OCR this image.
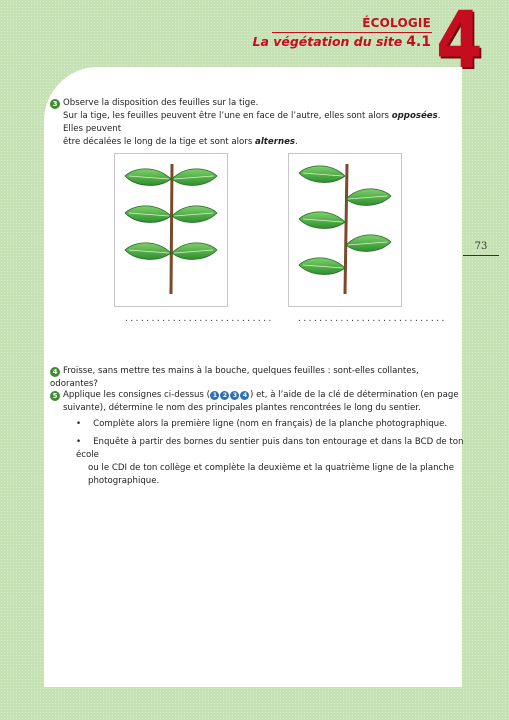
ÉCOLOGIE
La végétation du site 4.1 4
73
3 Observe la disposition des feuilles sur la tige.
Sur la tige, les feuilles peuvent être l’une en face de l’autre, elles sont alors opposées. Elles peuvent
être décalées le long de la tige et sont alors alternes.
............................	............................
4 Froisse, sans mettre tes mains à la bouche, quelques feuilles : sont-elles collantes, odorantes?
5 Applique les consignes ci-dessus ( 1 2 3 4 ) et, à l’aide de la clé de détermination (en page
suivante), détermine le nom des principales plantes rencontrées le long du sentier.
• Complète alors la première ligne (nom en français) de la planche photographique.
• Enquête à partir des bornes du sentier puis dans ton entourage et dans la BCD de ton école
ou le CDI de ton collège et complète la deuxième et la quatrième ligne de la planche
photographique.
